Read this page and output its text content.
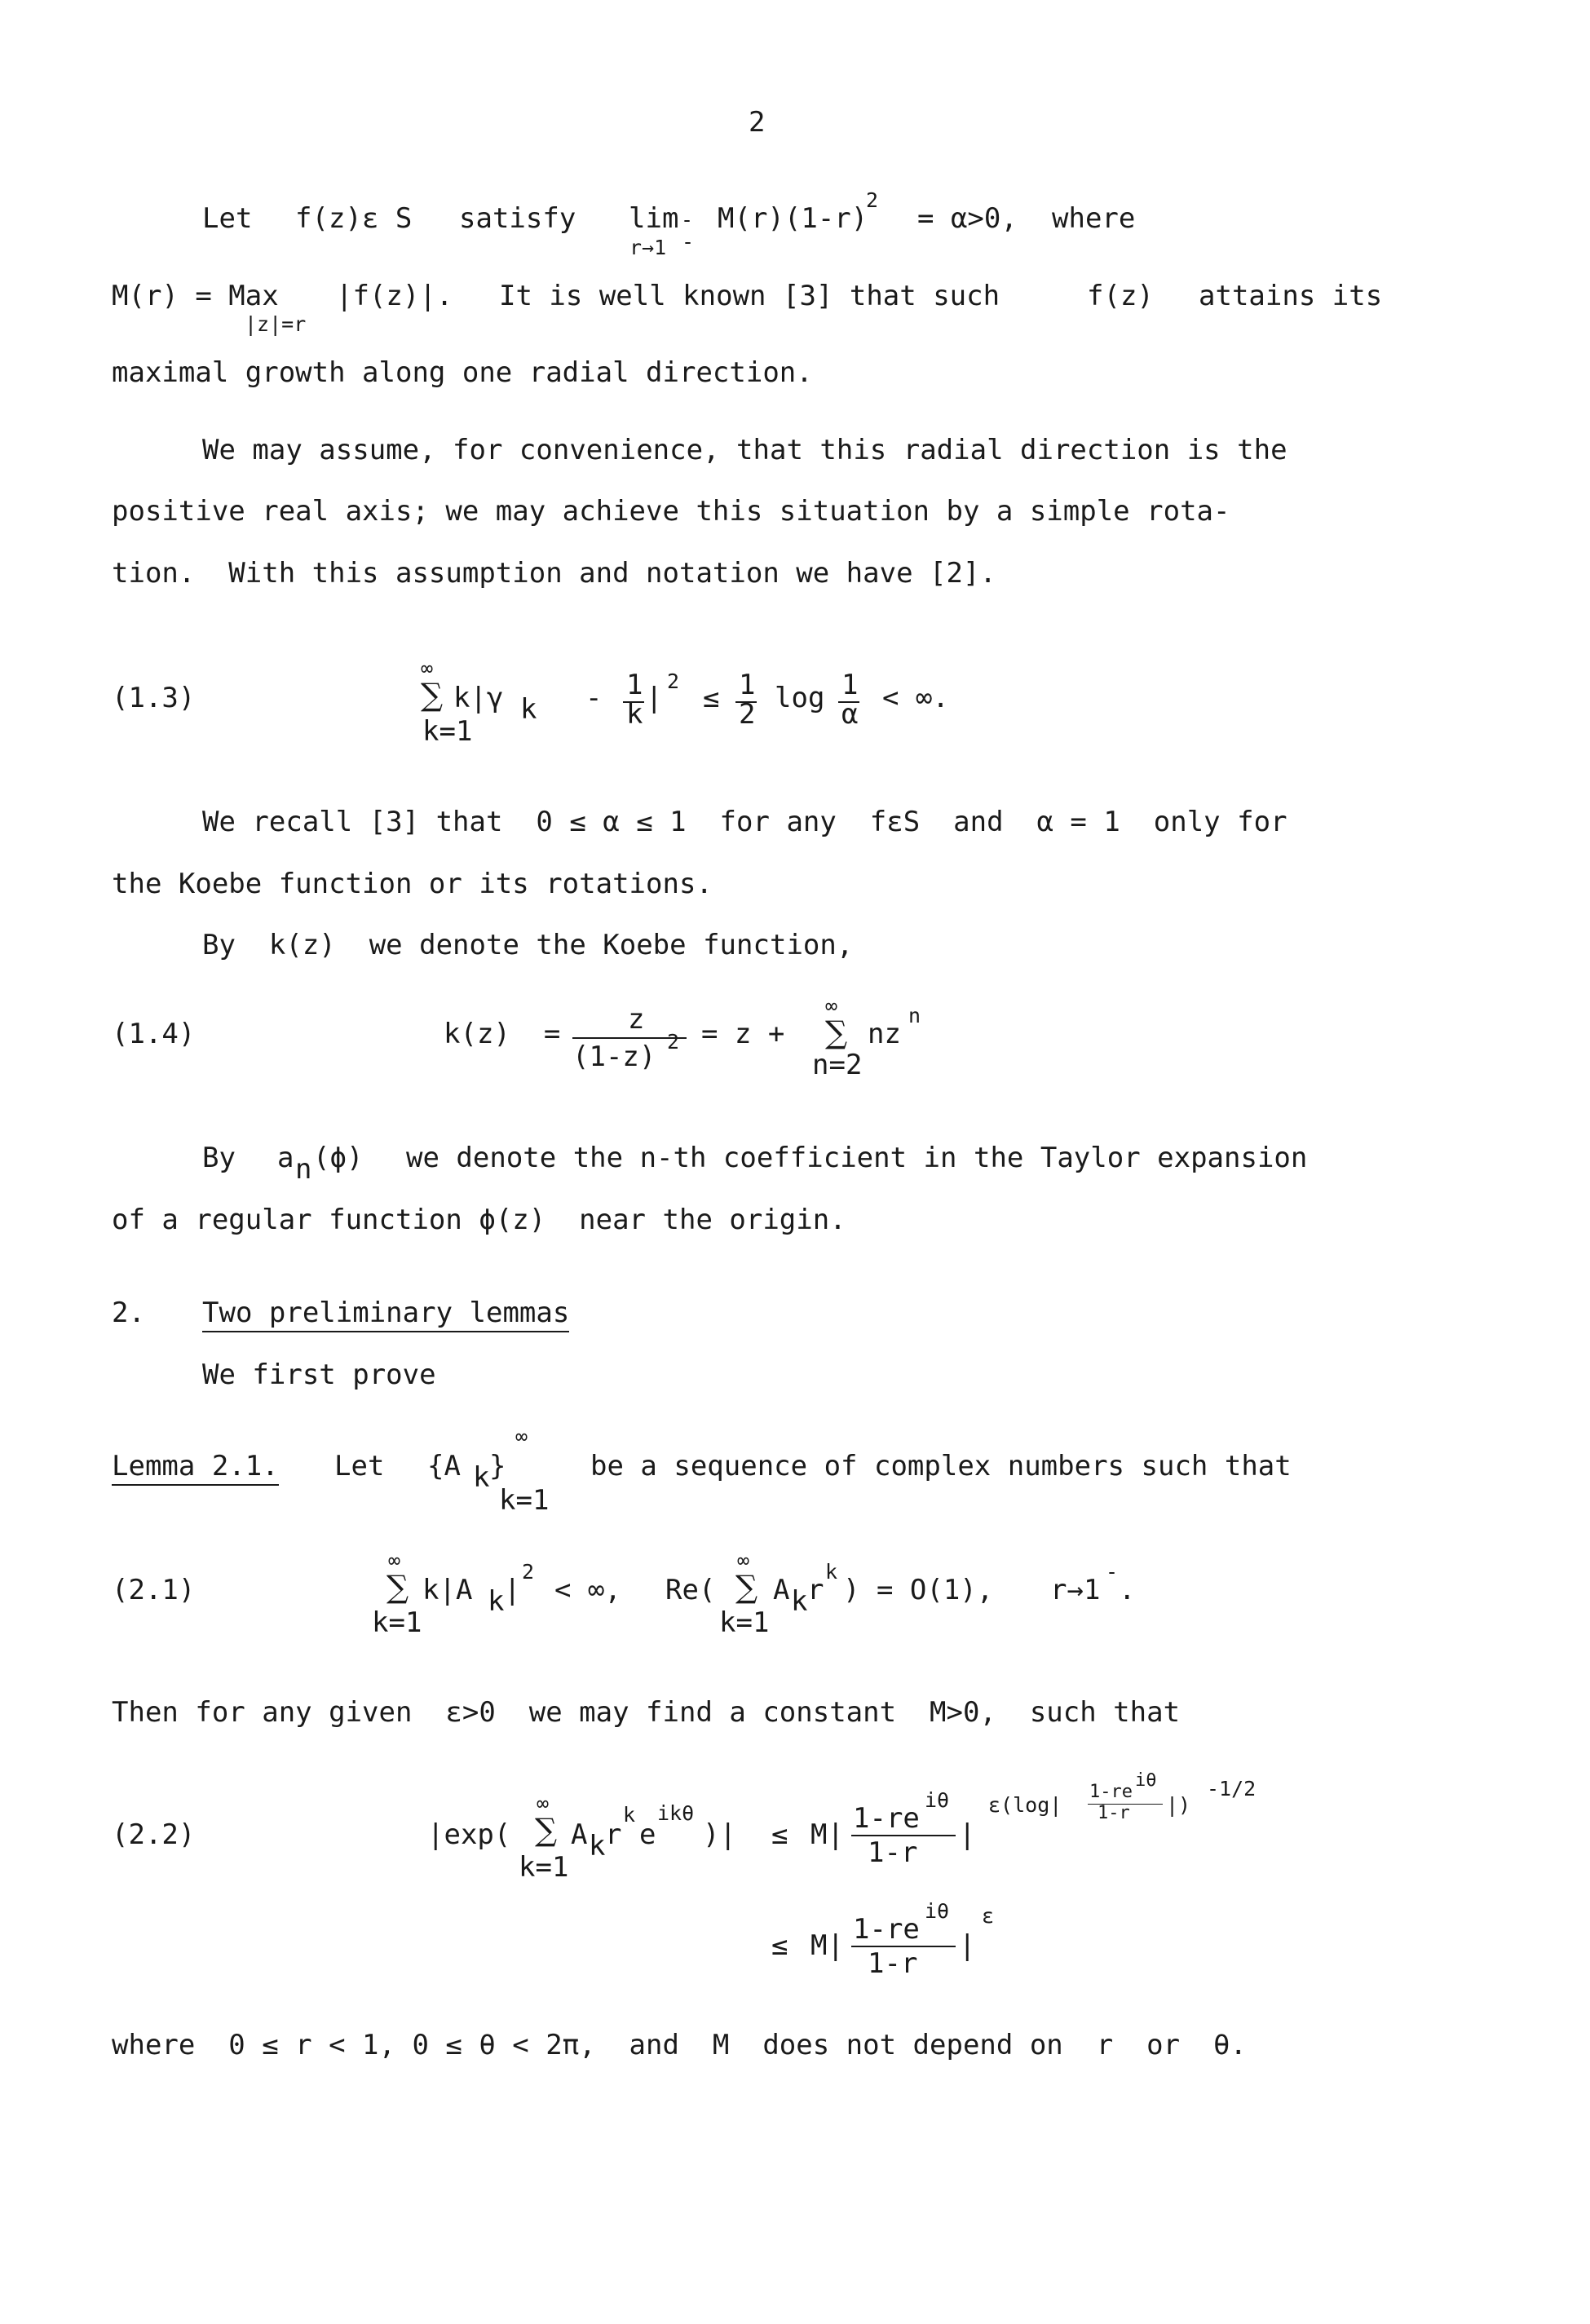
2
Let f(z)ε S satisfy lim - M(r)(1-r)
2
= α>0, where
r→1 -
M(r) = Max
|z|=r
|f(z)|. It is well known [3] that such	f(z) attains its
maximal growth along one radial direction.
We may assume, for convenience, that this radial direction is the
positive real axis; we may achieve this situation by a simple rota-
tion.  With this assumption and notation we have [2].
(1.3)
∞
∑
k=1
k|γ k - 1
k |
2
≤ 1
2 log 1
α < ∞.
We recall [3] that  0 ≤ α ≤ 1  for any  fεS  and  α = 1  only for
the Koebe function or its rotations.
By  k(z)  we denote the Koebe function,
(1.4)	k(z)  = z
(1-z) 2 = z +
∞
∑
n=2
nz
n
By a n (ϕ) we denote the n-th coefficient in the Taylor expansion
of a regular function ϕ(z)  near the origin.
2. Two preliminary lemmas
We first prove
Lemma 2.1. Let {A k }
∞
k=1
be a sequence of complex numbers such that
(2.1)
∞
∑
k=1
k|A k |
2
< ∞, Re(
∞
∑
k=1
A k r
k
) = O(1), r→1
-
.
Then for any given  ε>0  we may find a constant  M>0,  such that
(2.2)	|exp(
∞
∑
k=1
A k r
k
e
ikθ
)| ≤ M| 1-re
iθ
1-r
|
ε(log|
1-re
iθ
1-r |)
-1/2
≤ M| 1-re
iθ
1-r
|
ε
where  0 ≤ r < 1, 0 ≤ θ < 2π,  and  M  does not depend on  r  or  θ.
